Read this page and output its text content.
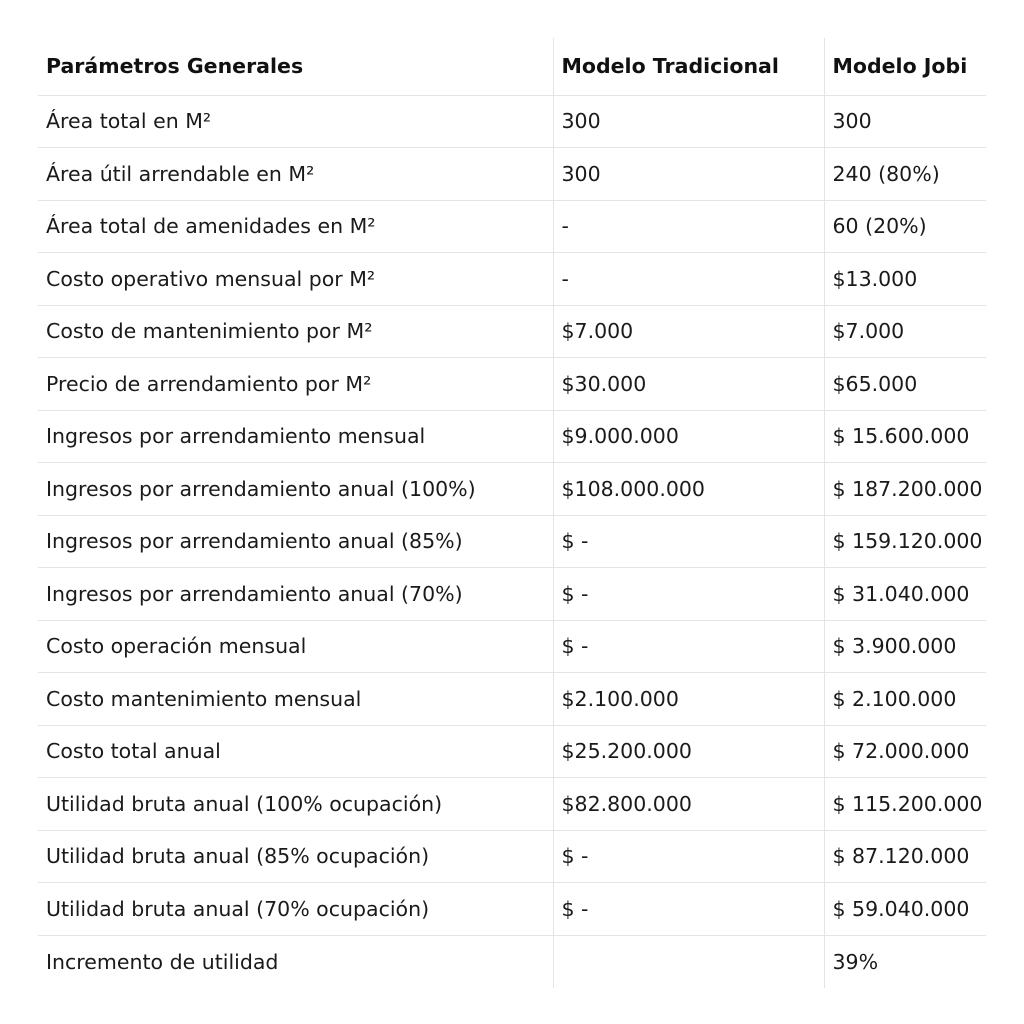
Parámetros Generales	Modelo Tradicional	Modelo Jobi
Área total en M²	300	300
Área útil arrendable en M²	300	240 (80%)
Área total de amenidades en M²	-	60 (20%)
Costo operativo mensual por M²	-	$13.000
Costo de mantenimiento por M²	$7.000	$7.000
Precio de arrendamiento por M²	$30.000	$65.000
Ingresos por arrendamiento mensual	$9.000.000	$ 15.600.000
Ingresos por arrendamiento anual (100%)	$108.000.000	$ 187.200.000
Ingresos por arrendamiento anual (85%)	$ -	$ 159.120.000
Ingresos por arrendamiento anual (70%)	$ -	$ 31.040.000
Costo operación mensual	$ -	$ 3.900.000
Costo mantenimiento mensual	$2.100.000	$ 2.100.000
Costo total anual	$25.200.000	$ 72.000.000
Utilidad bruta anual (100% ocupación)	$82.800.000	$ 115.200.000
Utilidad bruta anual (85% ocupación)	$ -	$ 87.120.000
Utilidad bruta anual (70% ocupación)	$ -	$ 59.040.000
Incremento de utilidad		39%
